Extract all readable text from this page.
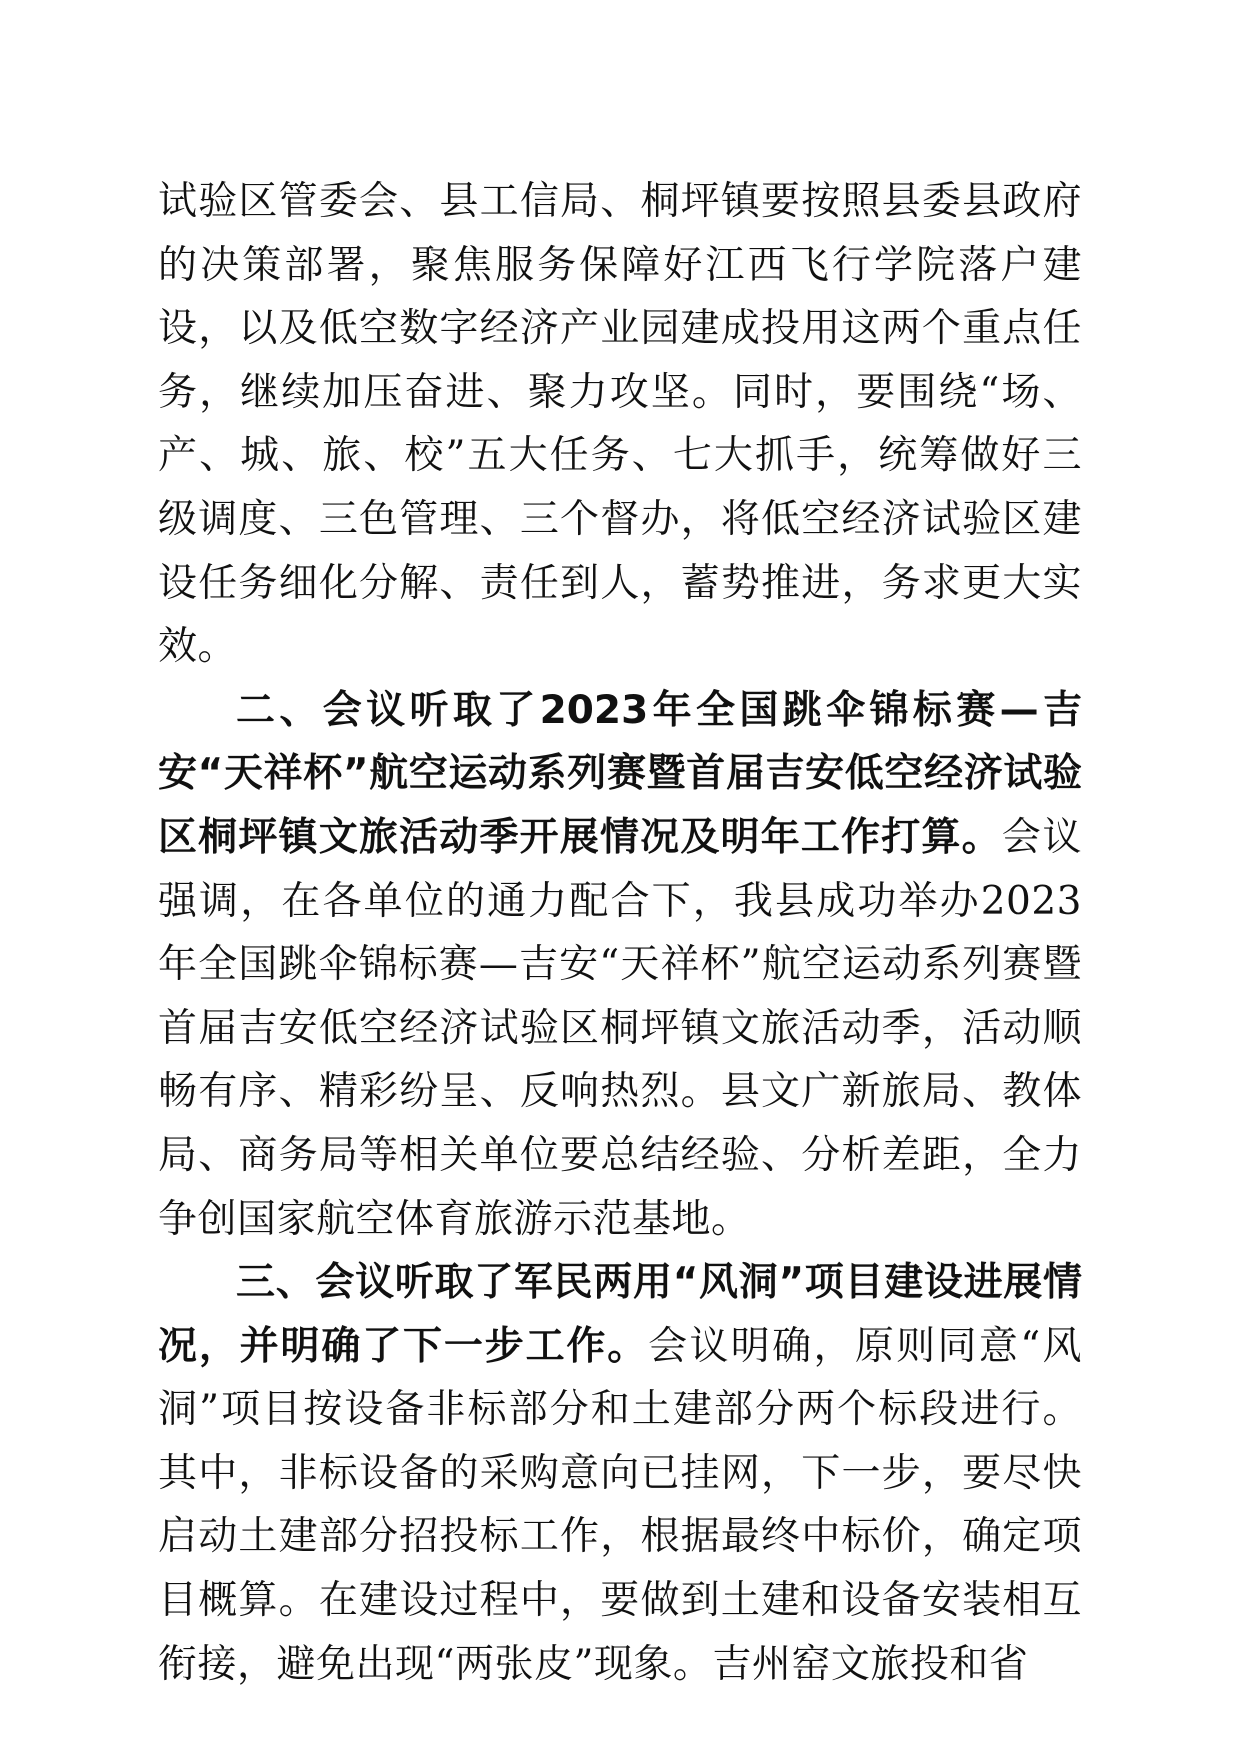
试验区管委会、县工信局、桐坪镇要按照县委县政府的决策部署，聚焦服务保障好江西飞行学院落户建设，以及低空数字经济产业园建成投用这两个重点任务，继续加压奋进、聚力攻坚。同时，要围绕“场、产、城、旅、校”五大任务、七大抓手，统筹做好三级调度、三色管理、三个督办，将低空经济试验区建设任务细化分解、责任到人，蓄势推进，务求更大实效。

二、会议听取了2023年全国跳伞锦标赛—吉安“天祥杯”航空运动系列赛暨首届吉安低空经济试验区桐坪镇文旅活动季开展情况及明年工作打算。会议强调，在各单位的通力配合下，我县成功举办2023年全国跳伞锦标赛—吉安“天祥杯”航空运动系列赛暨首届吉安低空经济试验区桐坪镇文旅活动季，活动顺畅有序、精彩纷呈、反响热烈。县文广新旅局、教体局、商务局等相关单位要总结经验、分析差距，全力争创国家航空体育旅游示范基地。

三、会议听取了军民两用“风洞”项目建设进展情况，并明确了下一步工作。会议明确，原则同意“风洞”项目按设备非标部分和土建部分两个标段进行。其中，非标设备的采购意向已挂网，下一步，要尽快启动土建部分招投标工作，根据最终中标价，确定项目概算。在建设过程中，要做到土建和设备安装相互衔接，避免出现“两张皮”现象。吉州窑文旅投和省
